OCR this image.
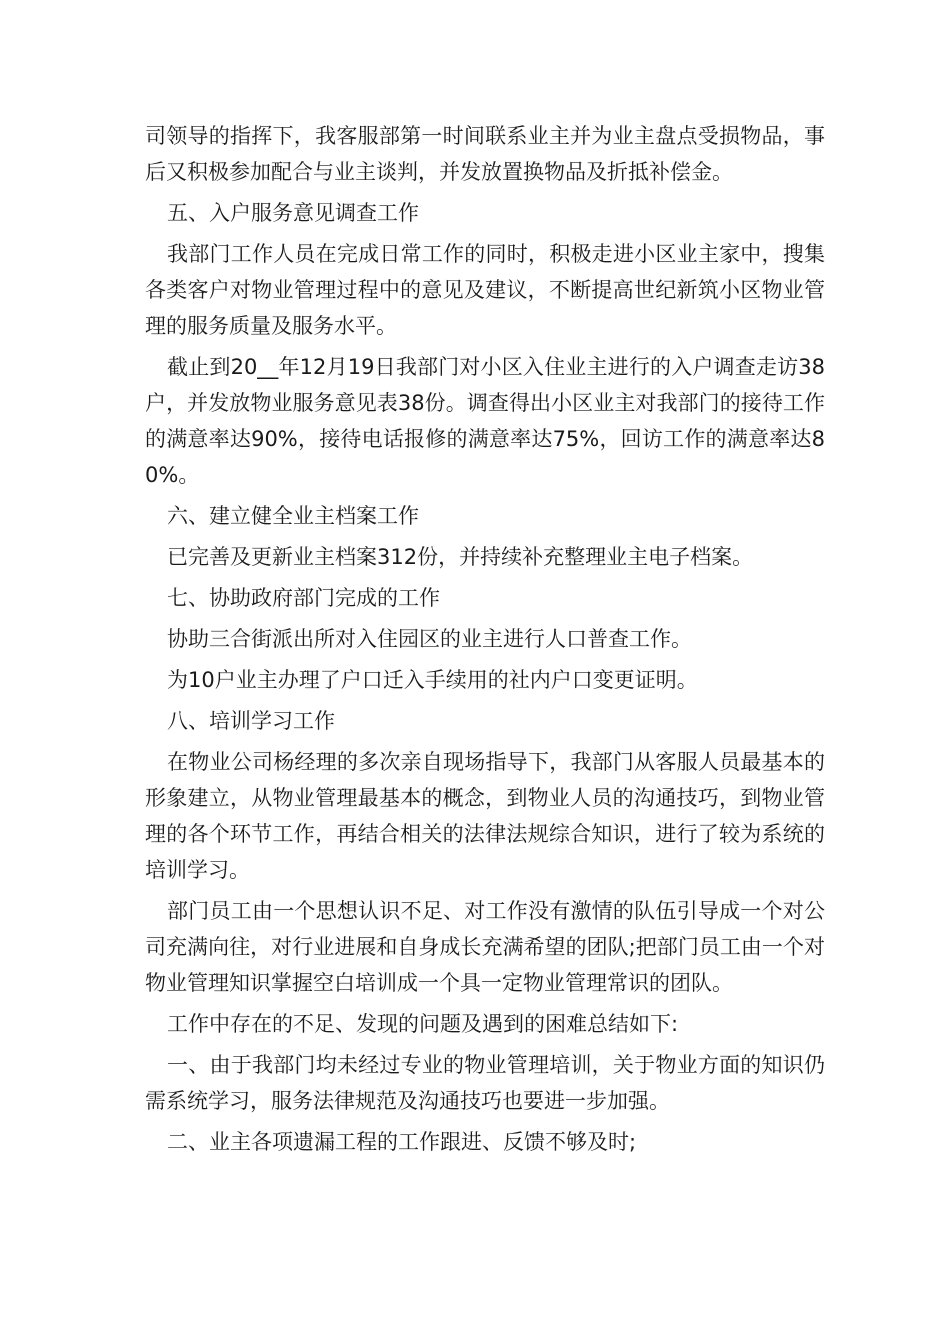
司领导的指挥下，我客服部第一时间联系业主并为业主盘点受损物品，事后又积极参加配合与业主谈判，并发放置换物品及折抵补偿金。

五、入户服务意见调查工作

我部门工作人员在完成日常工作的同时，积极走进小区业主家中，搜集各类客户对物业管理过程中的意见及建议，不断提高世纪新筑小区物业管理的服务质量及服务水平。

截止到20__年12月19日我部门对小区入住业主进行的入户调查走访38户，并发放物业服务意见表38份。调查得出小区业主对我部门的接待工作的满意率达90%，接待电话报修的满意率达75%，回访工作的满意率达80%。

六、建立健全业主档案工作

已完善及更新业主档案312份，并持续补充整理业主电子档案。

七、协助政府部门完成的工作

协助三合街派出所对入住园区的业主进行人口普查工作。

为10户业主办理了户口迁入手续用的社内户口变更证明。

八、培训学习工作

在物业公司杨经理的多次亲自现场指导下，我部门从客服人员最基本的形象建立，从物业管理最基本的概念，到物业人员的沟通技巧，到物业管理的各个环节工作，再结合相关的法律法规综合知识，进行了较为系统的培训学习。

部门员工由一个思想认识不足、对工作没有激情的队伍引导成一个对公司充满向往，对行业进展和自身成长充满希望的团队;把部门员工由一个对物业管理知识掌握空白培训成一个具一定物业管理常识的团队。

工作中存在的不足、发现的问题及遇到的困难总结如下:

一、由于我部门均未经过专业的物业管理培训，关于物业方面的知识仍需系统学习，服务法律规范及沟通技巧也要进一步加强。

二、业主各项遗漏工程的工作跟进、反馈不够及时;
